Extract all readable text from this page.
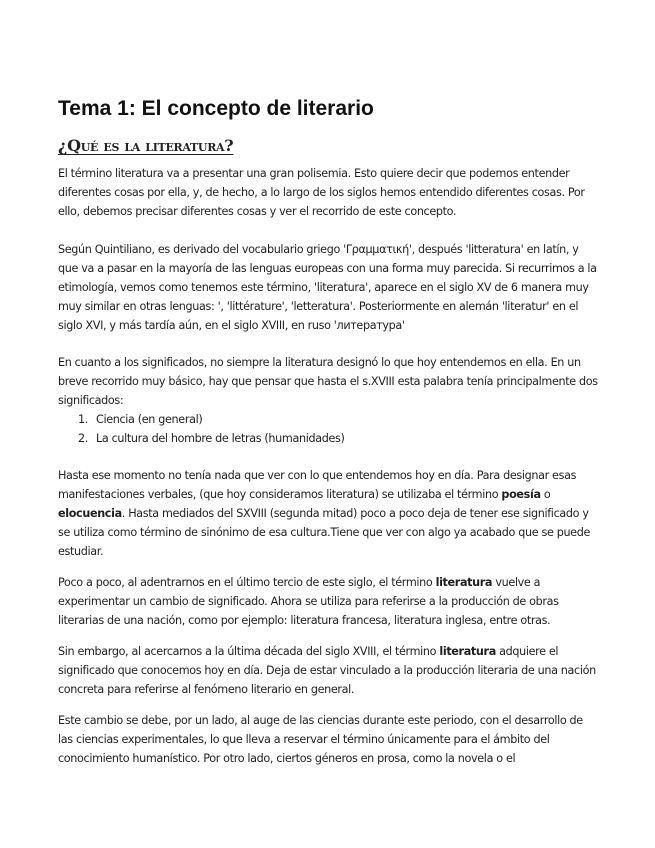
Tema 1: El concepto de literario
¿Qué es la literatura?

El término literatura va a presentar una gran polisemia. Esto quiere decir que podemos entender diferentes cosas por ella, y, de hecho, a lo largo de los siglos hemos entendido diferentes cosas. Por ello, debemos precisar diferentes cosas y ver el recorrido de este concepto.

Según Quintiliano, es derivado del vocabulario griego 'Γραμματική', después 'litteratura' en latín, y que va a pasar en la mayoría de las lenguas europeas con una forma muy parecida. Si recurrimos a la etimología, vemos como tenemos este término, 'literatura', aparece en el siglo XV de 6 manera muy muy similar en otras lenguas: ', 'littérature', 'letteratura'. Posteriormente en alemán 'literatur' en el siglo XVI, y más tardía aún, en el siglo XVIII, en ruso 'литература'

En cuanto a los significados, no siempre la literatura designó lo que hoy entendemos en ella. En un breve recorrido muy básico, hay que pensar que hasta el s.XVIII esta palabra tenía principalmente dos significados:

1. Ciencia (en general)
2. La cultura del hombre de letras (humanidades)

Hasta ese momento no tenía nada que ver con lo que entendemos hoy en día. Para designar esas manifestaciones verbales, (que hoy consideramos literatura) se utilizaba el término poesía o elocuencia. Hasta mediados del SXVIII (segunda mitad) poco a poco deja de tener ese significado y se utiliza como término de sinónimo de esa cultura.Tiene que ver con algo ya acabado que se puede estudiar.

Poco a poco, al adentrarnos en el último tercio de este siglo, el término literatura vuelve a experimentar un cambio de significado. Ahora se utiliza para referirse a la producción de obras literarias de una nación, como por ejemplo: literatura francesa, literatura inglesa, entre otras.

Sin embargo, al acercarnos a la última década del siglo XVIII, el término literatura adquiere el significado que conocemos hoy en día. Deja de estar vinculado a la producción literaria de una nación concreta para referirse al fenómeno literario en general.

Este cambio se debe, por un lado, al auge de las ciencias durante este periodo, con el desarrollo de las ciencias experimentales, lo que lleva a reservar el término únicamente para el ámbito del conocimiento humanístico. Por otro lado, ciertos géneros en prosa, como la novela o el
